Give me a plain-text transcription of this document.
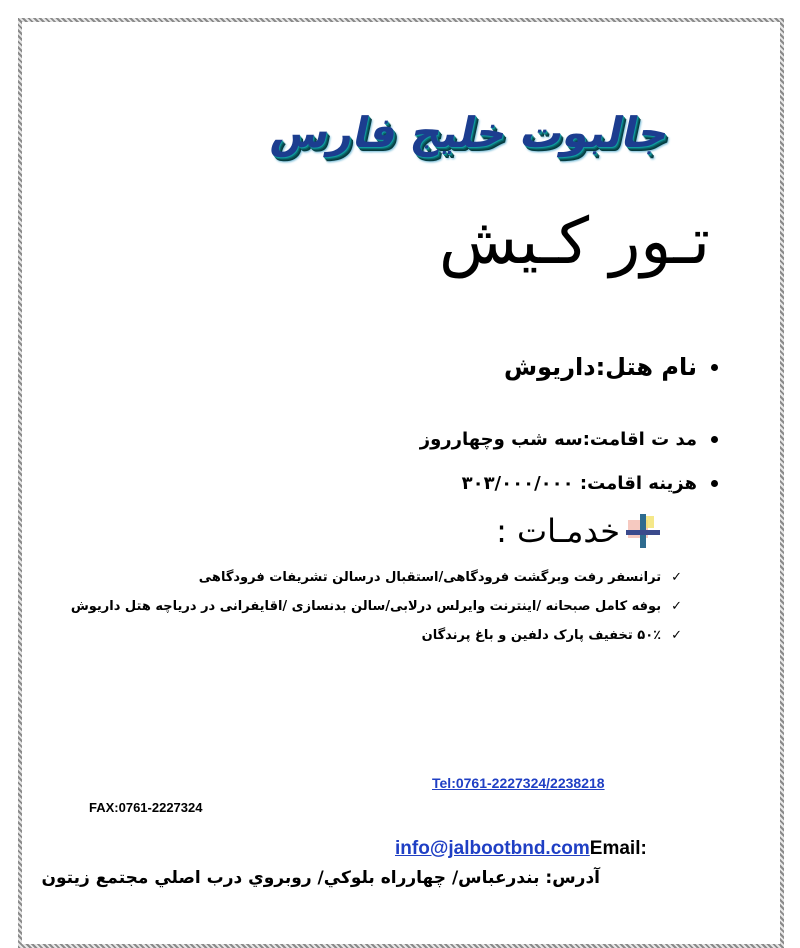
جالبوت خلیج فارس
تـور کـیش
نام هتل:داریوش
مد ت اقامت:سه شب وچهارروز
هزینه اقامت: ۳۰۳/۰۰۰/۰۰۰
خدمـات :
✓
ترانسفر رفت وبرگشت فرودگاهی/استقبال درسالن تشریفات فرودگاهی
✓
بوفه کامل صبحانه /اینترنت وایرلس درلابی/سالن بدنسازی /اقایفرانی در دریاچه هتل داریوش
✓
۵۰٪ تخفیف پارک دلفین و باغ پرندگان
Tel:0761-2227324/2238218
FAX:0761-2227324
info@jalbootbnd.comEmail:
آدرس: بندرعباس/ چهارراه بلوكي/ روبروي درب اصلي مجتمع زيتون
